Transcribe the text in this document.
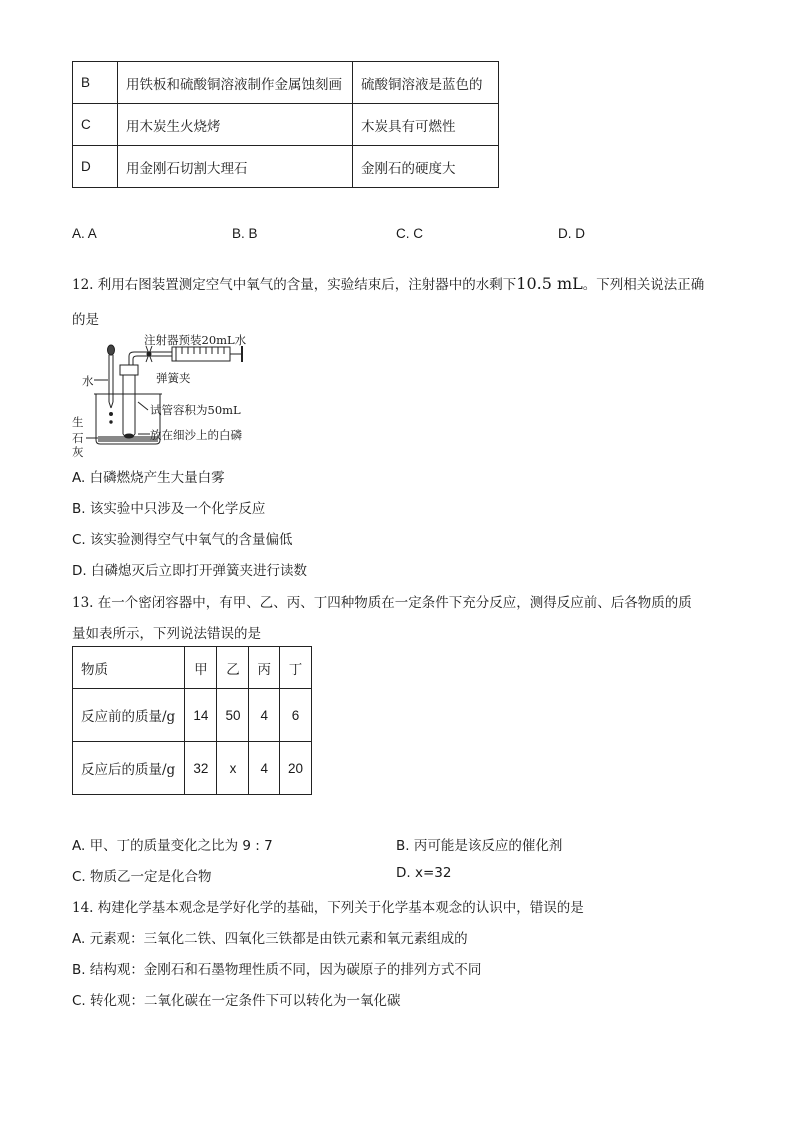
B	用铁板和硫酸铜溶液制作金属蚀刻画	硫酸铜溶液是蓝色的
C	用木炭生火烧烤	木炭具有可燃性
D	用金刚石切割大理石	金刚石的硬度大
A. A	B. B	C. C	D. D
12. 利用右图装置测定空气中氧气的含量，实验结束后，注射器中的水剩下10.5 mL。下列相关说法正确
的是
注射器预装20mL水
水	弹簧夹
试管容积为50mL
放在细沙上的白磷
生
石
灰
A. 白磷燃烧产生大量白雾
B. 该实验中只涉及一个化学反应
C. 该实验测得空气中氧气的含量偏低
D. 白磷熄灭后立即打开弹簧夹进行读数
13. 在一个密闭容器中，有甲、乙、丙、丁四种物质在一定条件下充分反应，测得反应前、后各物质的质
量如表所示，下列说法错误的是
物质	甲	乙	丙	丁
反应前的质量/g	14	50	4	6
反应后的质量/g	32	x	4	20
A. 甲、丁的质量变化之比为 9 : 7	B. 丙可能是该反应的催化剂
C. 物质乙一定是化合物	D. x=32
14. 构建化学基本观念是学好化学的基础，下列关于化学基本观念的认识中，错误的是
A. 元素观：三氧化二铁、四氧化三铁都是由铁元素和氧元素组成的
B. 结构观：金刚石和石墨物理性质不同，因为碳原子的排列方式不同
C. 转化观：二氧化碳在一定条件下可以转化为一氧化碳
